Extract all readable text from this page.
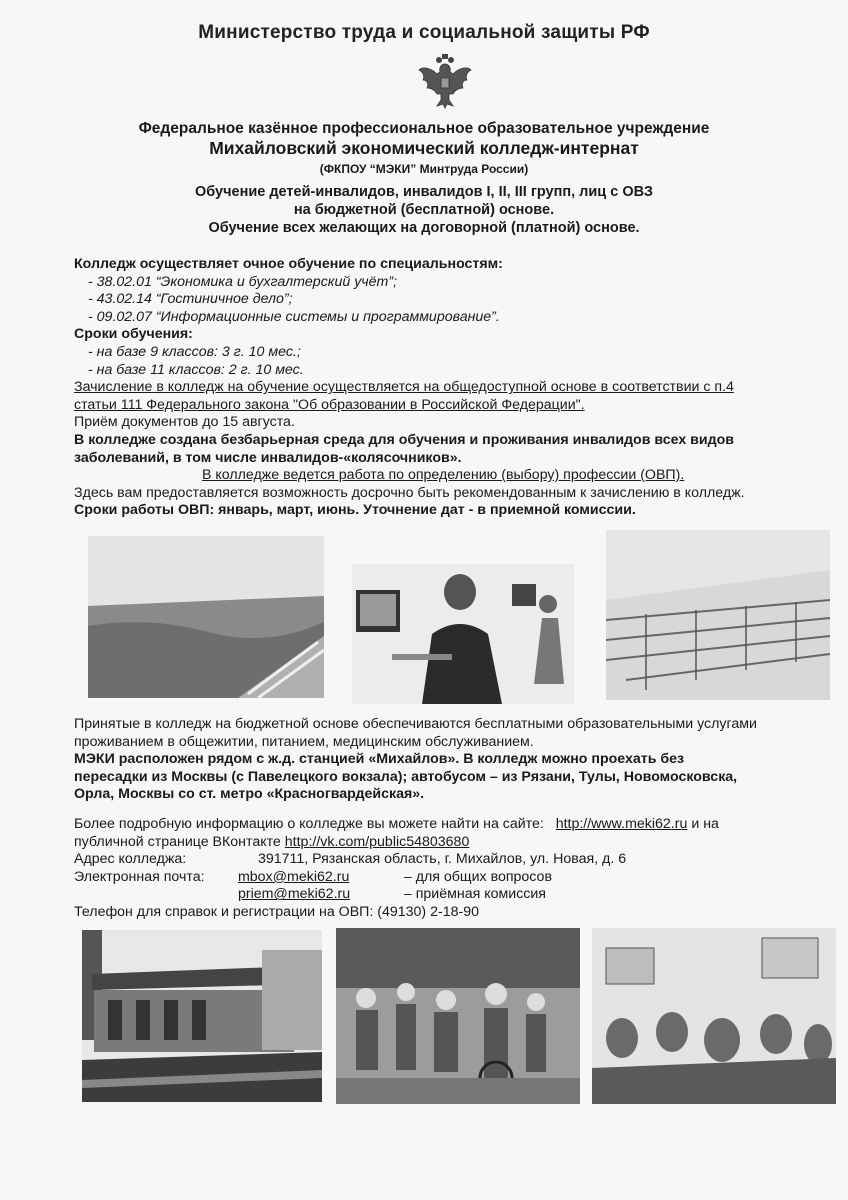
Министерство труда и социальной защиты РФ
Федеральное казённое профессиональное образовательное учреждение
Михайловский экономический колледж-интернат
(ФКПОУ “МЭКИ” Минтруда России)
Обучение детей-инвалидов, инвалидов I, II, III групп, лиц с ОВЗ
на бюджетной (бесплатной) основе.
Обучение всех желающих на договорной (платной) основе.
Колледж осуществляет очное обучение по специальностям:
- 38.02.01 “Экономика и бухгалтерский учёт”;
- 43.02.14 “Гостиничное дело”;
- 09.02.07 “Информационные системы и программирование”.
Сроки обучения:
- на базе 9 классов: 3 г. 10 мес.;
- на базе 11 классов: 2 г. 10 мес.
Зачисление в колледж на обучение осуществляется на общедоступной основе в соответствии с п.4
статьи 111 Федерального закона "Об образовании в Российской Федерации".
Приём документов до 15 августа.
В колледже создана безбарьерная среда для обучения и проживания инвалидов всех видов
заболеваний, в том числе инвалидов-«колясочников».
В колледже ведется работа по определению (выбору) профессии (ОВП).
Здесь вам предоставляется возможность досрочно быть рекомендованным к зачислению в колледж.
Сроки работы ОВП: январь, март, июнь. Уточнение дат - в приемной комиссии.
Принятые в колледж на бюджетной основе обеспечиваются бесплатными образовательными услугами
проживанием в общежитии, питанием, медицинским обслуживанием.
МЭКИ расположен рядом с ж.д. станцией «Михайлов». В колледж можно проехать без
пересадки из Москвы (с Павелецкого вокзала); автобусом – из Рязани, Тулы, Новомосковска,
Орла, Москвы со ст. метро «Красногвардейская».
Более подробную информацию о колледже вы можете найти на сайте: http://www.meki62.ru и на
публичной странице ВКонтакте http://vk.com/public54803680
Адрес колледжа:	391711, Рязанская область, г. Михайлов, ул. Новая, д. 6
Электронная почта: mbox@meki62.ru	– для общих вопросов
priem@meki62.ru	– приёмная комиссия
Телефон для справок и регистрации на ОВП: (49130) 2-18-90
